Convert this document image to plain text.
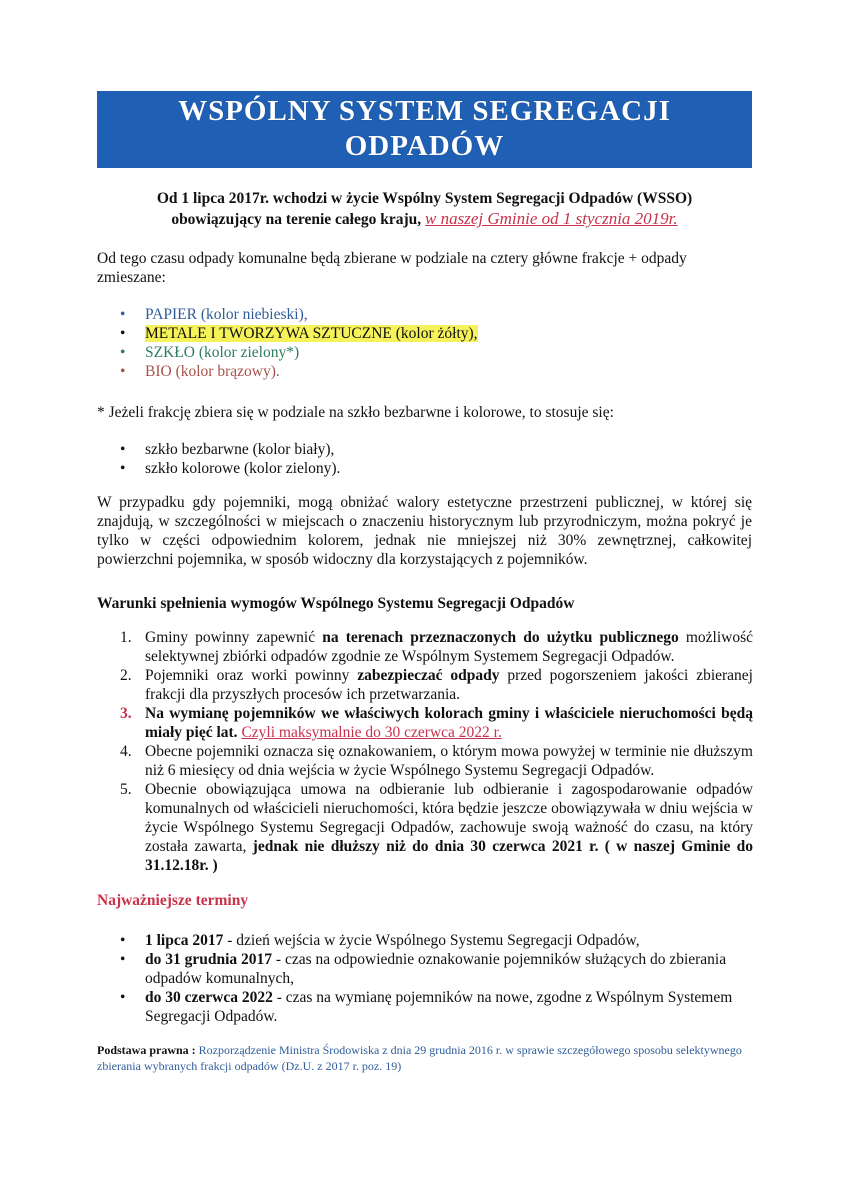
WSPÓLNY SYSTEM SEGREGACJI
ODPADÓW
Od 1 lipca 2017r. wchodzi w życie Wspólny System Segregacji Odpadów (WSSO)
obowiązujący na terenie całego kraju, w naszej Gminie od 1 stycznia 2019r.
Od tego czasu odpady komunalne będą zbierane w podziale na cztery główne frakcje + odpady zmieszane:
• PAPIER (kolor niebieski),
• METALE I TWORZYWA SZTUCZNE (kolor żółty),
• SZKŁO (kolor zielony*)
• BIO (kolor brązowy).
* Jeżeli frakcję zbiera się w podziale na szkło bezbarwne i kolorowe, to stosuje się:
• szkło bezbarwne (kolor biały),
• szkło kolorowe (kolor zielony).
W przypadku gdy pojemniki, mogą obniżać walory estetyczne przestrzeni publicznej, w której się znajdują, w szczególności w miejscach o znaczeniu historycznym lub przyrodniczym, można pokryć je tylko w części odpowiednim kolorem, jednak nie mniejszej niż 30% zewnętrznej, całkowitej powierzchni pojemnika, w sposób widoczny dla korzystających z pojemników.
Warunki spełnienia wymogów Wspólnego Systemu Segregacji Odpadów
1. Gminy powinny zapewnić na terenach przeznaczonych do użytku publicznego możliwość selektywnej zbiórki odpadów zgodnie ze Wspólnym Systemem Segregacji Odpadów.
2. Pojemniki oraz worki powinny zabezpieczać odpady przed pogorszeniem jakości zbieranej frakcji dla przyszłych procesów ich przetwarzania.
3. Na wymianę pojemników we właściwych kolorach gminy i właściciele nieruchomości będą miały pięć lat. Czyli maksymalnie do 30 czerwca 2022 r.
4. Obecne pojemniki oznacza się oznakowaniem, o którym mowa powyżej w terminie nie dłuższym niż 6 miesięcy od dnia wejścia w życie Wspólnego Systemu Segregacji Odpadów.
5. Obecnie obowiązująca umowa na odbieranie lub odbieranie i zagospodarowanie odpadów komunalnych od właścicieli nieruchomości, która będzie jeszcze obowiązywała w dniu wejścia w życie Wspólnego Systemu Segregacji Odpadów, zachowuje swoją ważność do czasu, na który została zawarta, jednak nie dłuższy niż do dnia 30 czerwca 2021 r. ( w naszej Gminie do 31.12.18r. )
Najważniejsze terminy
• 1 lipca 2017 - dzień wejścia w życie Wspólnego Systemu Segregacji Odpadów,
• do 31 grudnia 2017 - czas na odpowiednie oznakowanie pojemników służących do zbierania odpadów komunalnych,
• do 30 czerwca 2022 - czas na wymianę pojemników na nowe, zgodne z Wspólnym Systemem Segregacji Odpadów.
Podstawa prawna : Rozporządzenie Ministra Środowiska z dnia 29 grudnia 2016 r. w sprawie szczegółowego sposobu selektywnego zbierania wybranych frakcji odpadów (Dz.U. z 2017 r. poz. 19)
